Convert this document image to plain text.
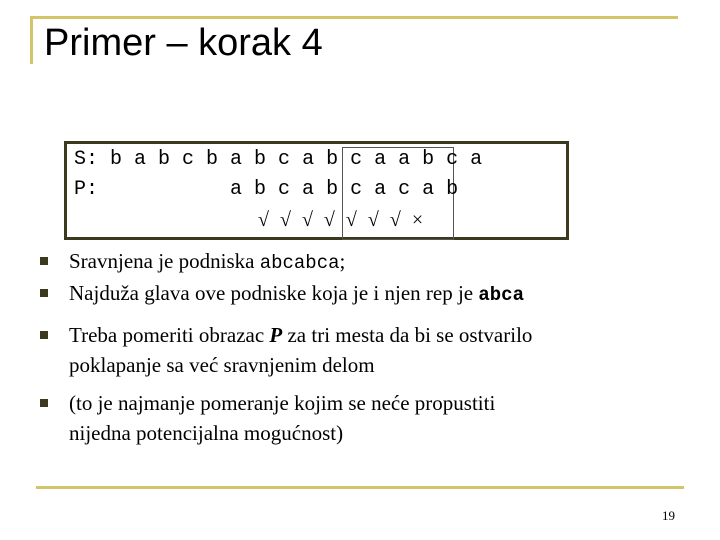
Primer – korak 4
S: b a b c b a b c a b c a a b c a
P:	a b c a b c a c a b
√ √ √ √ √ √ √ ×
Sravnjena je podniska abcabca;
Najduža glava ove podniske koja je i njen rep je abca
Treba pomeriti obrazac P za tri mesta da bi se ostvarilo
poklapanje sa već sravnjenim delom
(to je najmanje pomeranje kojim se neće propustiti
nijedna potencijalna mogućnost)
19
